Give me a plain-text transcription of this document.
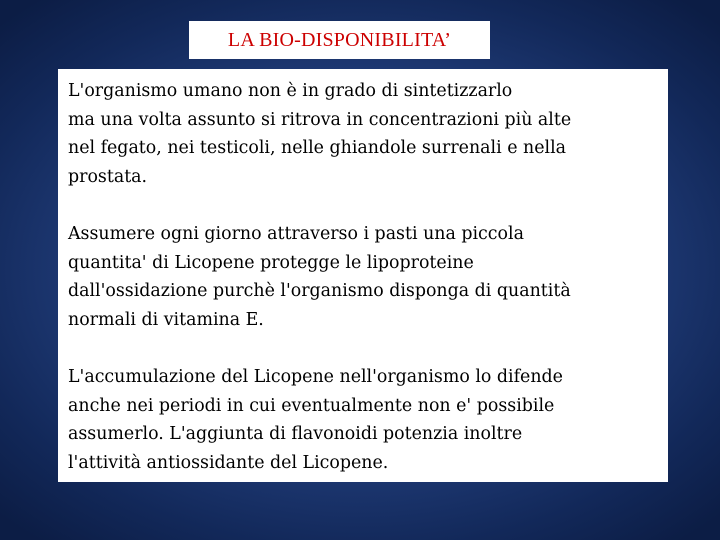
LA BIO-DISPONIBILITA’

L'organismo umano non è in grado di sintetizzarlo
ma una volta assunto si ritrova in concentrazioni più alte
nel fegato, nei testicoli, nelle ghiandole surrenali e nella
prostata.

Assumere ogni giorno attraverso i pasti una piccola
quantita' di Licopene protegge le lipoproteine
dall'ossidazione purchè l'organismo disponga di quantità
normali di vitamina E.

L'accumulazione del Licopene nell'organismo lo difende
anche nei periodi in cui eventualmente non e' possibile
assumerlo. L'aggiunta di flavonoidi potenzia inoltre
l'attività antiossidante del Licopene.
